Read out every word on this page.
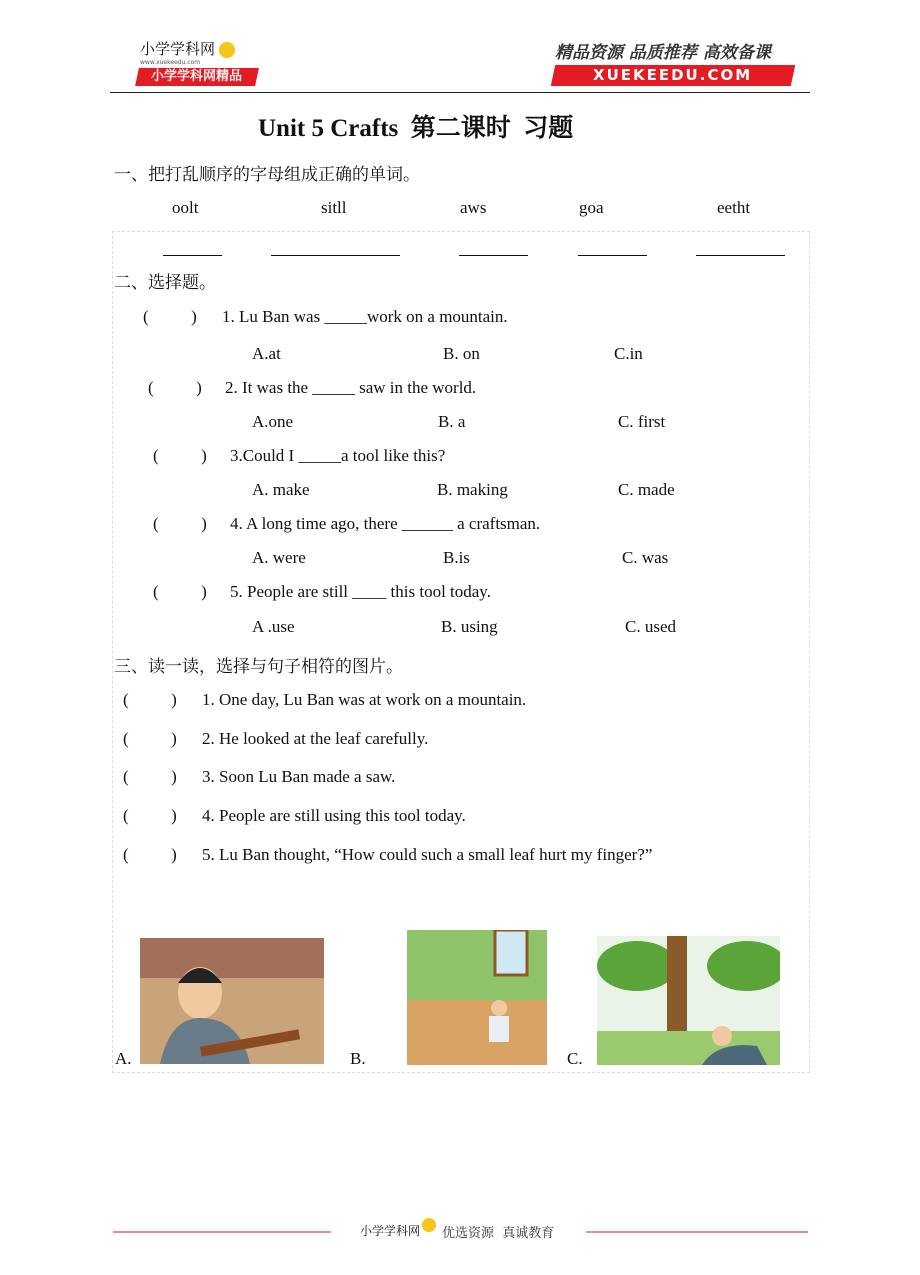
小学学科网
www.xuekeedu.com
小学学科网精品
精品资源 品质推荐 高效备课
XUEKEEDU.COM
Unit 5 Crafts  第二课时  习题
一、把打乱顺序的字母组成正确的单词。
oolt	sitll	aws	goa	eetht
二、选择题。
(          ) 1. Lu Ban was _____work on a mountain.
A.at	B. on	C.in
(          ) 2. It was the _____ saw in the world.
A.one	B. a	C. first
(          ) 3.Could I _____a tool like this?
A. make	B. making	C. made
(          ) 4. A long time ago, there ______ a craftsman.
A. were	B.is	C. was
(          ) 5. People are still ____ this tool today.
A .use	B. using	C. used
三、读一读，选择与句子相符的图片。
(          ) 1. One day, Lu Ban was at work on a mountain.
(          ) 2. He looked at the leaf carefully.
(          ) 3. Soon Lu Ban made a saw.
(          ) 4. People are still using this tool today.
(          ) 5. Lu Ban thought, “How could such a small leaf hurt my finger?”
A.	B.	C.
小学学科网 优选资源  真诚教育
